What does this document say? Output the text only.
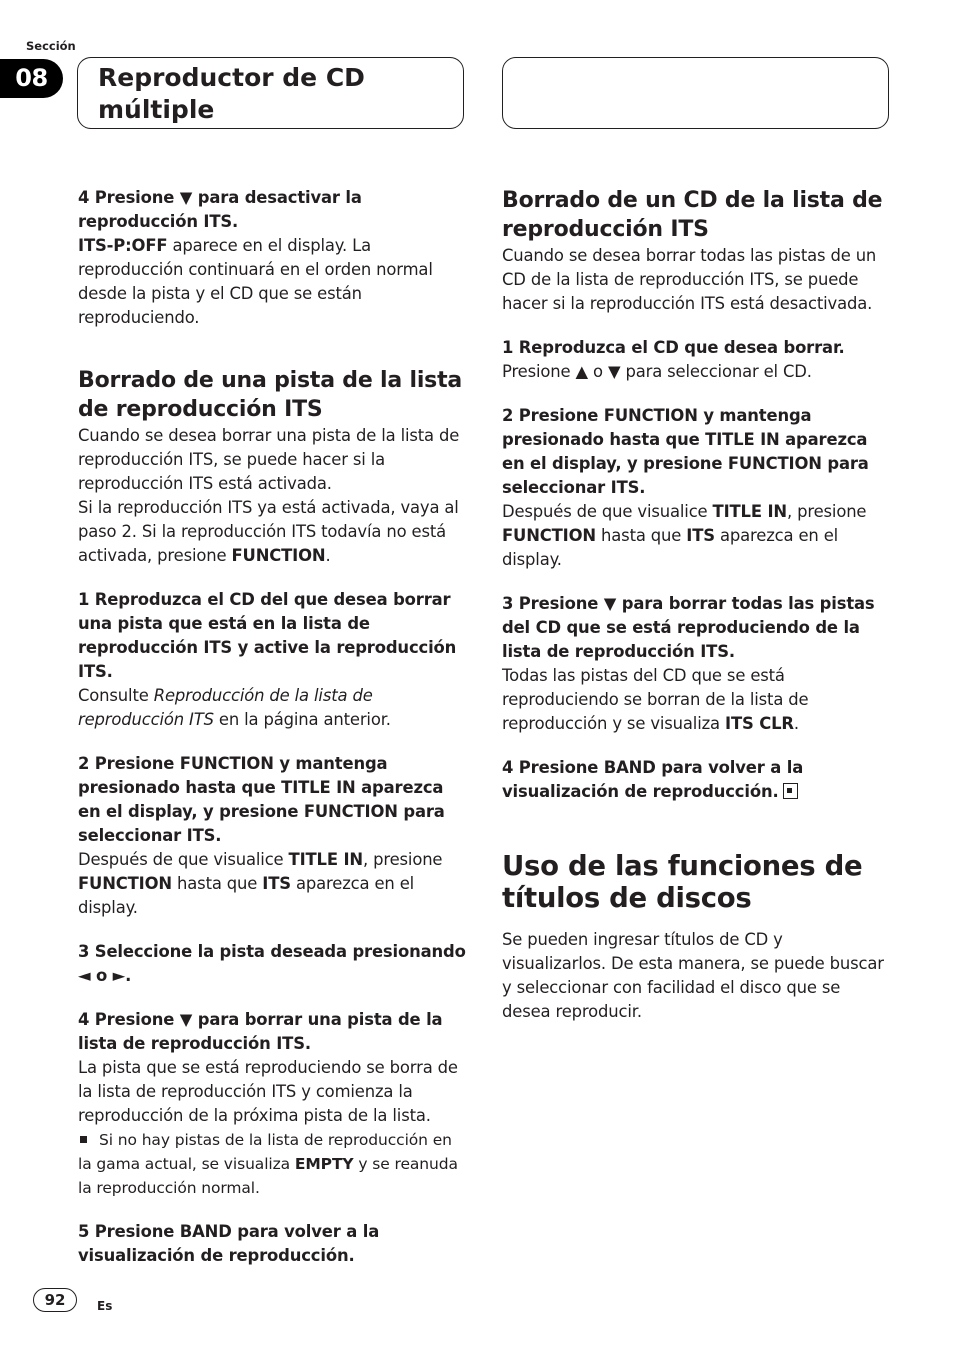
Sección
08	Reproductor de CD múltiple
4 Presione ▼ para desactivar la reproducción ITS.
ITS-P:OFF aparece en el display. La reproducción continuará en el orden normal desde la pista y el CD que se están reproduciendo.
Borrado de una pista de la lista de reproducción ITS
Cuando se desea borrar una pista de la lista de reproducción ITS, se puede hacer si la reproducción ITS está activada.
Si la reproducción ITS ya está activada, vaya al paso 2. Si la reproducción ITS todavía no está activada, presione FUNCTION.
1 Reproduzca el CD del que desea borrar una pista que está en la lista de reproducción ITS y active la reproducción ITS.
Consulte Reproducción de la lista de reproducción ITS en la página anterior.
2 Presione FUNCTION y mantenga presionado hasta que TITLE IN aparezca en el display, y presione FUNCTION para seleccionar ITS.
Después de que visualice TITLE IN, presione FUNCTION hasta que ITS aparezca en el display.
3 Seleccione la pista deseada presionando ◄ o ►.
4 Presione ▼ para borrar una pista de la lista de reproducción ITS.
La pista que se está reproduciendo se borra de la lista de reproducción ITS y comienza la reproducción de la próxima pista de la lista.
Si no hay pistas de la lista de reproducción en la gama actual, se visualiza EMPTY y se reanuda la reproducción normal.
5 Presione BAND para volver a la visualización de reproducción.
Borrado de un CD de la lista de reproducción ITS
Cuando se desea borrar todas las pistas de un CD de la lista de reproducción ITS, se puede hacer si la reproducción ITS está desactivada.
1 Reproduzca el CD que desea borrar.
Presione ▲ o ▼ para seleccionar el CD.
2 Presione FUNCTION y mantenga presionado hasta que TITLE IN aparezca en el display, y presione FUNCTION para seleccionar ITS.
Después de que visualice TITLE IN, presione FUNCTION hasta que ITS aparezca en el display.
3 Presione ▼ para borrar todas las pistas del CD que se está reproduciendo de la lista de reproducción ITS.
Todas las pistas del CD que se está reproduciendo se borran de la lista de reproducción y se visualiza ITS CLR.
4 Presione BAND para volver a la visualización de reproducción.
Uso de las funciones de títulos de discos
Se pueden ingresar títulos de CD y visualizarlos. De esta manera, se puede buscar y seleccionar con facilidad el disco que se desea reproducir.
92	Es
